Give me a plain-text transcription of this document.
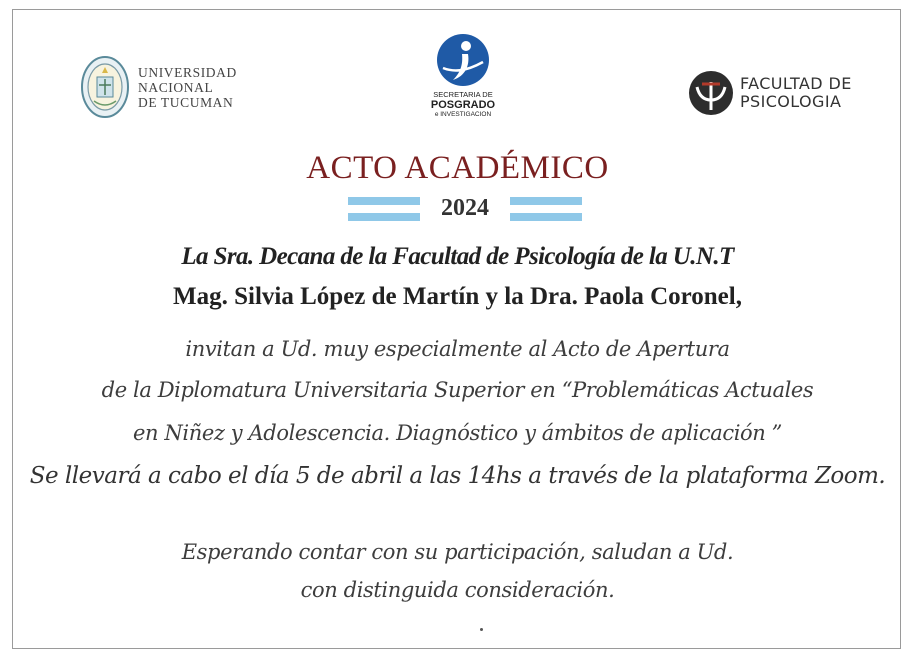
UNIVERSIDAD
NACIONAL
DE TUCUMAN	SECRETARIA DE
POSGRADO
e INVESTIGACION
FACULTAD DE
PSICOLOGIA
ACTO ACADÉMICO
2024
La Sra. Decana de la Facultad de Psicología de la U.N.T
Mag. Silvia López de Martín y la Dra. Paola Coronel,
invitan a Ud. muy especialmente al Acto de Apertura
de la Diplomatura Universitaria Superior en “Problemáticas Actuales
en Niñez y Adolescencia. Diagnóstico y ámbitos de aplicación ”
Se llevará a cabo el día 5 de abril a las 14hs a través de la plataforma Zoom.
Esperando contar con su participación, saludan a Ud.
con distinguida consideración.
